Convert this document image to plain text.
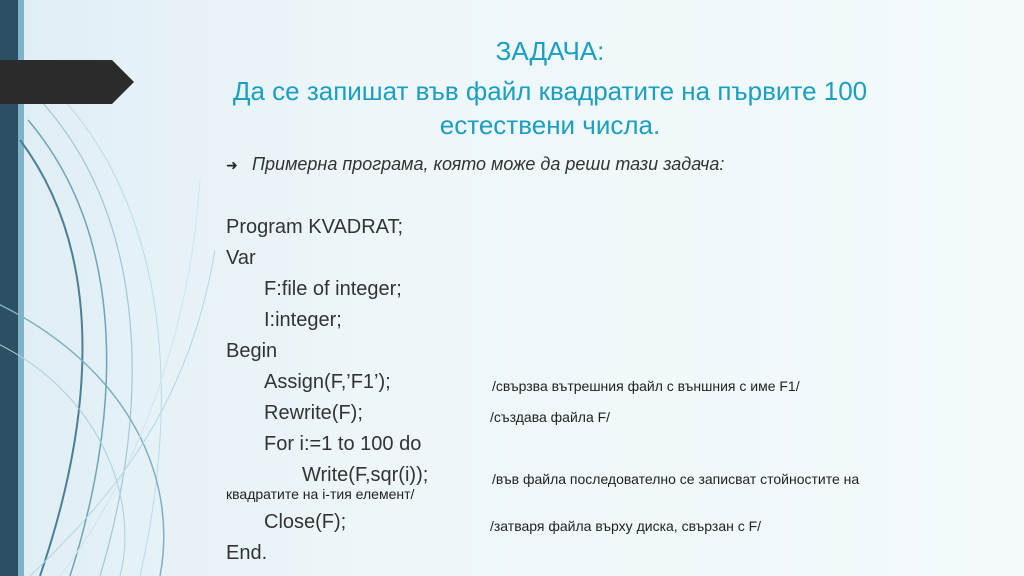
ЗАДАЧА:
Да се запишат във файл квадратите на първите 100
естествени числа.
➜ Примерна програма, която може да реши тази задача:
Program KVADRAT;
Var
F:file of integer;
I:integer;
Begin
Assign(F,’F1’);	/свързва вътрешния файл с външния с име F1/
Rewrite(F);	/създава файла F/
For i:=1 to 100 do
Write(F,sqr(i));	/във файла последователно се записват стойностите на
квадратите на i-тия елемент/
Close(F);	/затваря файла върху диска, свързан с F/
End.
